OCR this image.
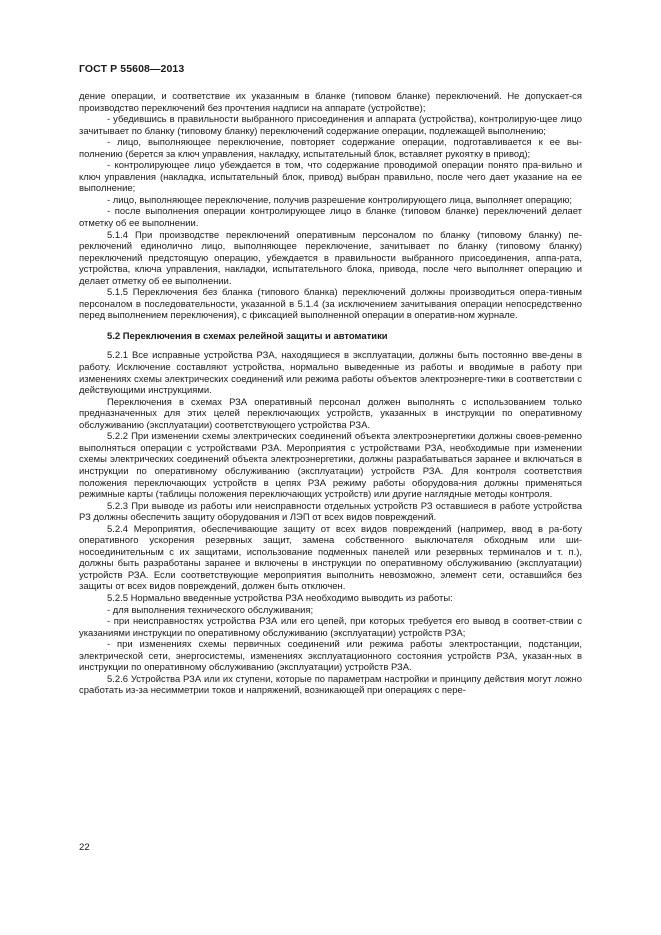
ГОСТ Р 55608—2013

дение операции, и соответствие их указанным в бланке (типовом бланке) переключений. Не допускает-ся производство переключений без прочтения надписи на аппарате (устройстве);

- убедившись в правильности выбранного присоединения и аппарата (устройства), контролирую-щее лицо зачитывает по бланку (типовому бланку) переключений содержание операции, подлежащей выполнению;

- лицо, выполняющее переключение, повторяет содержание операции, подготавливается к ее вы-полнению (берется за ключ управления, накладку, испытательный блок, вставляет рукоятку в привод);

- контролирующее лицо убеждается в том, что содержание проводимой операции понято пра-вильно и ключ управления (накладка, испытательный блок, привод) выбран правильно, после чего дает указание на ее выполнение;

- лицо, выполняющее переключение, получив разрешение контролирующего лица, выполняет операцию;

- после выполнения операции контролирующее лицо в бланке (типовом бланке) переключений делает отметку об ее выполнении.

5.1.4 При производстве переключений оперативным персоналом по бланку (типовому бланку) пе-реключений единолично лицо, выполняющее переключение, зачитывает по бланку (типовому бланку) переключений предстоящую операцию, убеждается в правильности выбранного присоединения, аппа-рата, устройства, ключа управления, накладки, испытательного блока, привода, после чего выполняет операцию и делает отметку об ее выполнении.

5.1.5 Переключения без бланка (типового бланка) переключений должны производиться опера-тивным персоналом в последовательности, указанной в 5.1.4 (за исключением зачитывания операции непосредственно перед выполнением переключения), с фиксацией выполненной операции в оператив-ном журнале.

5.2 Переключения в схемах релейной защиты и автоматики

5.2.1 Все исправные устройства РЗА, находящиеся в эксплуатации, должны быть постоянно вве-дены в работу. Исключение составляют устройства, нормально выведенные из работы и вводимые в работу при изменениях схемы электрических соединений или режима работы объектов электроэнерге-тики в соответствии с действующими инструкциями.

Переключения в схемах РЗА оперативный персонал должен выполнять с использованием только предназначенных для этих целей переключающих устройств, указанных в инструкции по оперативному обслуживанию (эксплуатации) соответствующего устройства РЗА.

5.2.2 При изменении схемы электрических соединений объекта электроэнергетики должны своев-ременно выполняться операции с устройствами РЗА. Мероприятия с устройствами РЗА, необходимые при изменении схемы электрических соединений объекта электроэнергетики, должны разрабатываться заранее и включаться в инструкции по оперативному обслуживанию (эксплуатации) устройств РЗА. Для контроля соответствия положения переключающих устройств в цепях РЗА режиму работы оборудова-ния должны применяться режимные карты (таблицы положения переключающих устройств) или другие наглядные методы контроля.

5.2.3 При выводе из работы или неисправности отдельных устройств РЗ оставшиеся в работе устройства РЗ должны обеспечить защиту оборудования и ЛЭП от всех видов повреждений.

5.2.4 Мероприятия, обеспечивающие защиту от всех видов повреждений (например, ввод в ра-боту оперативного ускорения резервных защит, замена собственного выключателя обходным или ши-носоединительным с их защитами, использование подменных панелей или резервных терминалов и т. п.), должны быть разработаны заранее и включены в инструкции по оперативному обслуживанию (эксплуатации) устройств РЗА. Если соответствующие мероприятия выполнить невозможно, элемент сети, оставшийся без защиты от всех видов повреждений, должен быть отключен.

5.2.5 Нормально введенные устройства РЗА необходимо выводить из работы:

- для выполнения технического обслуживания;

- при неисправностях устройства РЗА или его цепей, при которых требуется его вывод в соответ-ствии с указаниями инструкции по оперативному обслуживанию (эксплуатации) устройств РЗА;

- при изменениях схемы первичных соединений или режима работы электростанции, подстанции, электрической сети, энергосистемы, изменениях эксплуатационного состояния устройств РЗА, указан-ных в инструкции по оперативному обслуживанию (эксплуатации) устройств РЗА.

5.2.6 Устройства РЗА или их ступени, которые по параметрам настройки и принципу действия могут ложно сработать из-за несимметрии токов и напряжений, возникающей при операциях с пере-

22
